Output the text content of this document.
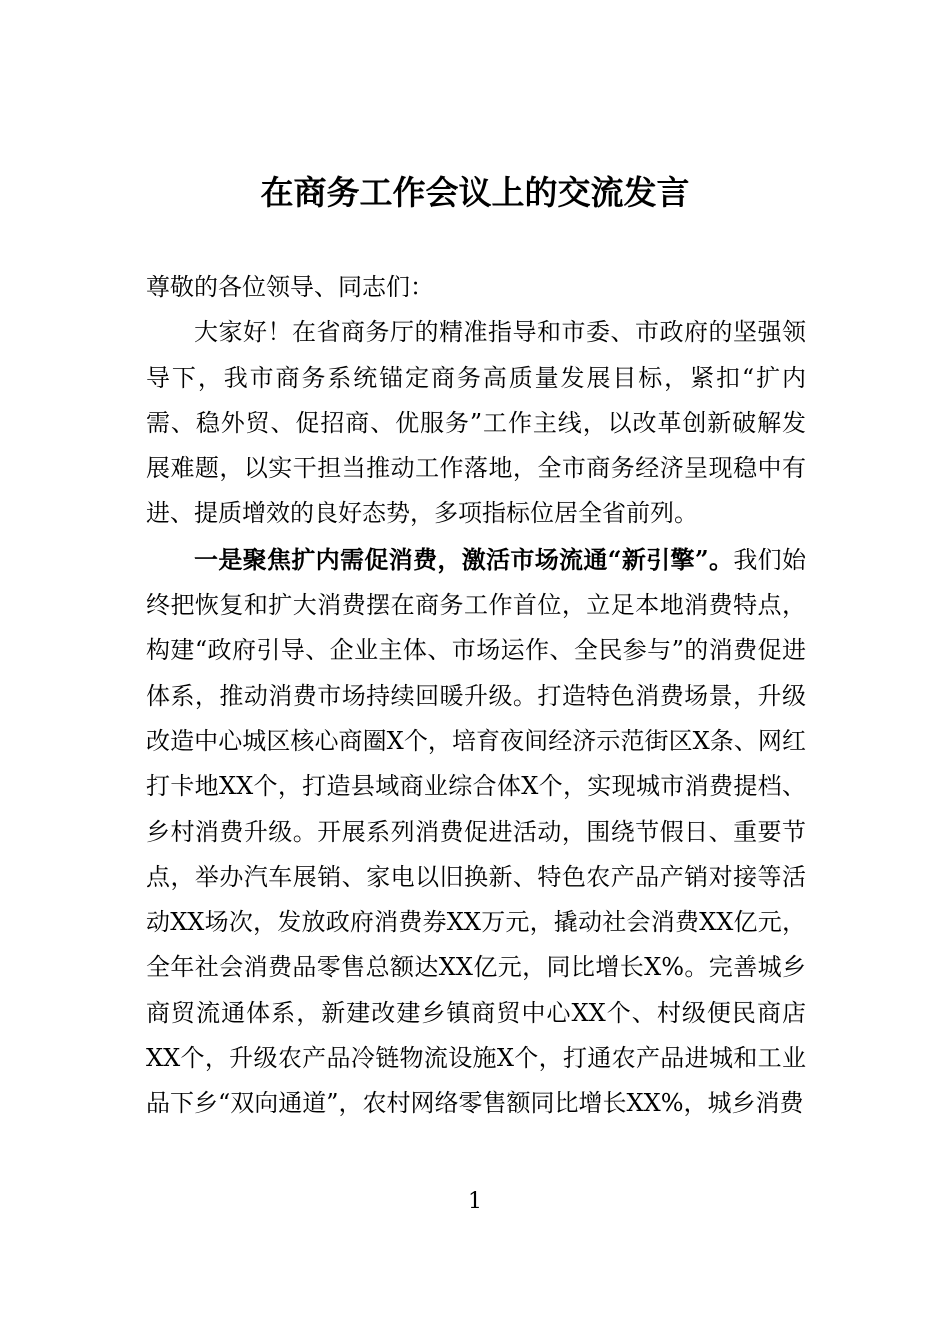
在商务工作会议上的交流发言

尊敬的各位领导、同志们：

大家好！在省商务厅的精准指导和市委、市政府的坚强领导下，我市商务系统锚定商务高质量发展目标，紧扣“扩内需、稳外贸、促招商、优服务”工作主线，以改革创新破解发展难题，以实干担当推动工作落地，全市商务经济呈现稳中有进、提质增效的良好态势，多项指标位居全省前列。

一是聚焦扩内需促消费，激活市场流通“新引擎”。我们始终把恢复和扩大消费摆在商务工作首位，立足本地消费特点，构建“政府引导、企业主体、市场运作、全民参与”的消费促进体系，推动消费市场持续回暖升级。打造特色消费场景，升级改造中心城区核心商圈X个，培育夜间经济示范街区X条、网红打卡地XX个，打造县域商业综合体X个，实现城市消费提档、乡村消费升级。开展系列消费促进活动，围绕节假日、重要节点，举办汽车展销、家电以旧换新、特色农产品产销对接等活动XX场次，发放政府消费券XX万元，撬动社会消费XX亿元，全年社会消费品零售总额达XX亿元，同比增长X%。完善城乡商贸流通体系，新建改建乡镇商贸中心XX个、村级便民商店XX个，升级农产品冷链物流设施X个，打通农产品进城和工业品下乡“双向通道”，农村网络零售额同比增长XX%，城乡消费

1
